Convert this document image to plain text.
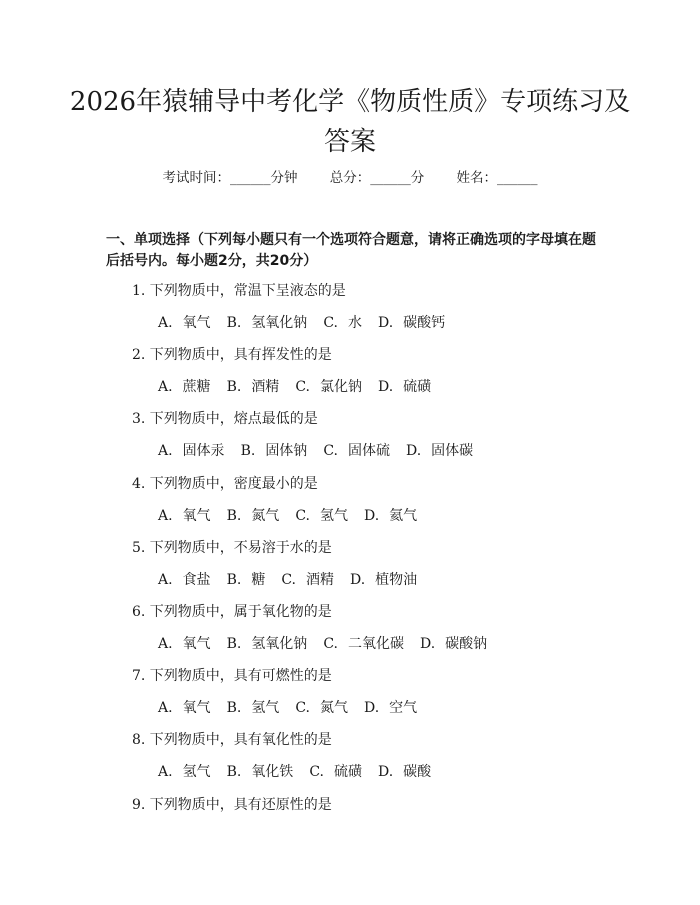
2026年猿辅导中考化学《物质性质》专项练习及答案
考试时间：______分钟 总分：______分 姓名：______

一、单项选择（下列每小题只有一个选项符合题意，请将正确选项的字母填在题后括号内。每小题2分，共20分）

1. 下列物质中，常温下呈液态的是
A. 氧气 B. 氢氧化钠 C. 水 D. 碳酸钙
2. 下列物质中，具有挥发性的是
A. 蔗糖 B. 酒精 C. 氯化钠 D. 硫磺
3. 下列物质中，熔点最低的是
A. 固体汞 B. 固体钠 C. 固体硫 D. 固体碳
4. 下列物质中，密度最小的是
A. 氧气 B. 氮气 C. 氢气 D. 氦气
5. 下列物质中，不易溶于水的是
A. 食盐 B. 糖 C. 酒精 D. 植物油
6. 下列物质中，属于氧化物的是
A. 氧气 B. 氢氧化钠 C. 二氧化碳 D. 碳酸钠
7. 下列物质中，具有可燃性的是
A. 氧气 B. 氢气 C. 氮气 D. 空气
8. 下列物质中，具有氧化性的是
A. 氢气 B. 氧化铁 C. 硫磺 D. 碳酸
9. 下列物质中，具有还原性的是
